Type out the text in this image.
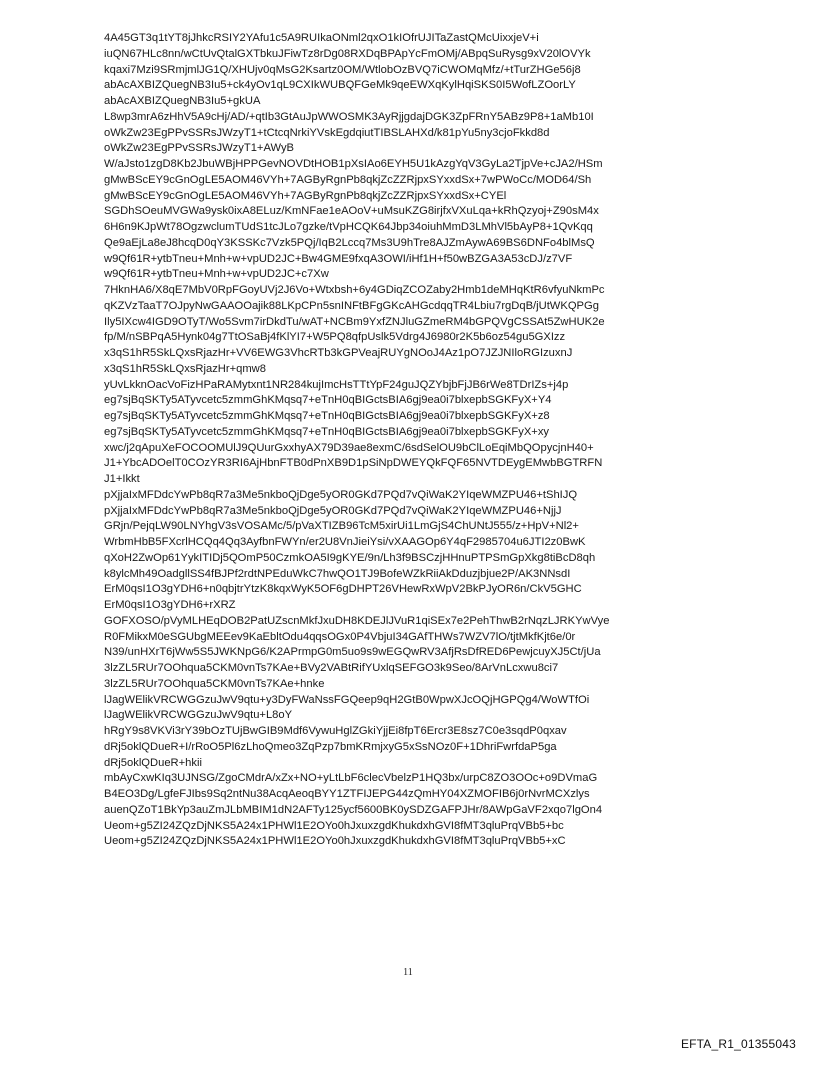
4A45GT3q1tYT8jJhkcRSIY2YAfu1c5A9RUIkaONml2qxO1kIOfrUJITaZastQMcUixxjeV+i
iuQN67HLc8nn/wCtUvQtalGXTbkuJFiwTz8rDg08RXDqBPApYcFmOMj/ABpqSuRysg9xV20lOVYk
kqaxi7Mzi9SRmjmlJG1Q/XHUjv0qMsG2Ksartz0OM/WtlobOzBVQ7iCWOMqMfz/+tTurZHGe56j8
abAcAXBIZQuegNB3Iu5+ck4yOv1qL9CXIkWUBQFGeMk9qeEWXqKylHqiSKS0I5WofLZOorLY
abAcAXBIZQuegNB3Iu5+gkUA
L8wp3mrA6zHhV5A9cHj/AD/+qtIb3GtAuJpWWOSMK3AyRjjgdajDGK3ZpFRnY5ABz9P8+1aMb10I
oWkZw23EgPPvSSRsJWzyT1+tCtcqNrkiYVskEgdqiutTIBSLAHXd/k81pYu5ny3cjoFkkd8d
oWkZw23EgPPvSSRsJWzyT1+AWyB
W/aJsto1zgD8Kb2JbuWBjHPPGevNOVDtHOB1pXsIAo6EYH5U1kAzgYqV3GyLa2TjpVe+cJA2/HSm
gMwBScEY9cGnOgLE5AOM46VYh+7AGByRgnPb8qkjZcZZRjpxSYxxdSx+7wPWoCc/MOD64/Sh
gMwBScEY9cGnOgLE5AOM46VYh+7AGByRgnPb8qkjZcZZRjpxSYxxdSx+CYEl
SGDhSOeuMVGWa9ysk0ixA8ELuz/KmNFae1eAOoV+uMsuKZG8irjfxVXuLqa+kRhQzyoj+Z90sM4x
6H6n9KJpWt78OgzwclumTUdS1tcJLo7gzke/tVpHCQK64Jbp34oiuhMmD3LMhVl5bAyP8+1QvKqq
Qe9aEjLa8eJ8hcqD0qY3KSSKc7Vzk5PQj/IqB2Lccq7Ms3U9hTre8AJZmAywA69BS6DNFo4blMsQ
w9Qf61R+ytbTneu+Mnh+w+vpUD2JC+Bw4GME9fxqA3OWI/iHf1H+f50wBZGA3A53cDJ/z7VF
w9Qf61R+ytbTneu+Mnh+w+vpUD2JC+c7Xw
7HknHA6/X8qE7MbV0RpFGoyUVj2J6Vo+Wtxbsh+6y4GDiqZCOZaby2Hmb1deMHqKtR6vfyuNkmPc
qKZVzTaaT7OJpyNwGAAOOajik88LKpCPn5snINFtBFgGKcAHGcdqqTR4Lbiu7rgDqB/jUtWKQPGg
Ily5IXcw4IGD9OTyT/Wo5Svm7irDkdTu/wAT+NCBm9YxfZNJluGZmeRM4bGPQVgCSSAt5ZwHUK2e
fp/M/nSBPqA5Hynk04g7TtOSaBj4fKlYI7+W5PQ8qfpUslk5Vdrg4J6980r2K5b6oz54gu5GXIzz
x3qS1hR5SkLQxsRjazHr+VV6EWG3VhcRTb3kGPVeajRUYgNOoJ4Az1pO7JZJNIloRGIzuxnJ
x3qS1hR5SkLQxsRjazHr+qmw8
yUvLkknOacVoFizHPaRAMytxnt1NR284kujImcHsTTtYpF24guJQZYbjbFjJB6rWe8TDrIZs+j4p
eg7sjBqSKTy5ATyvcetc5zmmGhKMqsq7+eTnH0qBIGctsBIA6gj9ea0i7blxepbSGKFyX+Y4
eg7sjBqSKTy5ATyvcetc5zmmGhKMqsq7+eTnH0qBIGctsBIA6gj9ea0i7blxepbSGKFyX+z8
eg7sjBqSKTy5ATyvcetc5zmmGhKMqsq7+eTnH0qBIGctsBIA6gj9ea0i7blxepbSGKFyX+xy
xwc/j2qApuXeFOCOOMUlJ9QUurGxxhyAX79D39ae8exmC/6sdSelOU9bClLoEqiMbQOpycjnH40+
J1+YbcADOelT0COzYR3RI6AjHbnFTB0dPnXB9D1pSiNpDWEYQkFQF65NVTDEygEMwbBGTRFN
J1+Ikkt
pXjjaIxMFDdcYwPb8qR7a3Me5nkboQjDge5yOR0GKd7PQd7vQiWaK2YIqeWMZPU46+tShIJQ
pXjjaIxMFDdcYwPb8qR7a3Me5nkboQjDge5yOR0GKd7PQd7vQiWaK2YIqeWMZPU46+NjjJ
GRjn/PejqLW90LNYhgV3sVOSAMc/5/pVaXTIZB96TcM5xirUi1LmGjS4ChUNtJ555/z+HpV+Nl2+
WrbmHbB5FXcrlHCQq4Qq3AyfbnFWYn/er2U8VnJieiYsi/vXAAGOp6Y4qF2985704u6JTI2z0BwK
qXoH2ZwOp61YykITIDj5QOmP50CzmkOA5I9gKYE/9n/Lh3f9BSCzjHHnuPTPSmGpXkg8tiBcD8qh
k8ylcMh49OadgllSS4fBJPf2rdtNPEduWkC7hwQO1TJ9BofeWZkRiiAkDduzjbjue2P/AK3NNsdI
ErM0qsI1O3gYDH6+n0qbjtrYtzK8kqxWyK5OF6gDHPT26VHewRxWpV2BkPJyOR6n/CkV5GHC
ErM0qsI1O3gYDH6+rXRZ
GOFXOSO/pVyMLHEqDOB2PatUZscnMkfJxuDH8KDEJlJVuR1qiSEx7e2PehThwB2rNqzLJRKYwVye
R0FMikxM0eSGUbgMEEev9KaEbltOdu4qqsOGx0P4VbjuI34GAfTHWs7WZV7lO/tjtMkfKjt6e/0r
N39/unHXrT6jWw5S5JWKNpG6/K2APrmpG0m5uo9s9wEGQwRV3AfjRsDfRED6PewjcuyXJ5Ct/jUa
3lzZL5RUr7OOhqua5CKM0vnTs7KAe+BVy2VABtRifYUxlqSEFGO3k9Seo/8ArVnLcxwu8ci7
3lzZL5RUr7OOhqua5CKM0vnTs7KAe+hnke
lJagWElikVRCWGGzuJwV9qtu+y3DyFWaNssFGQeep9qH2GtB0WpwXJcOQjHGPQg4/WoWTfOi
lJagWElikVRCWGGzuJwV9qtu+L8oY
hRgY9s8VKVi3rY39bOzTUjBwGIB9Mdf6VywuHglZGkiYjjEi8fpT6Ercr3E8sz7C0e3sqdP0qxav
dRj5oklQDueR+I/rRoO5Pl6zLhoQmeo3ZqPzp7bmKRmjxyG5xSsNOz0F+1DhriFwrfdaP5ga
dRj5oklQDueR+hkii
mbAyCxwKIq3UJNSG/ZgoCMdrA/xZx+NO+yLtLbF6clecVbelzP1HQ3bx/urpC8ZO3OOc+o9DVmaG
B4EO3Dg/LgfeFJIbs9Sq2ntNu38AcqAeoqBYY1ZTFIJEPG44zQmHY04XZMOFIB6j0rNvrMCXzlys
auenQZoT1BkYp3auZmJLbMBIM1dN2AFTy125ycf5600BK0ySDZGAFPJHr/8AWpGaVF2xqo7lgOn4
Ueom+g5ZI24ZQzDjNKS5A24x1PHWl1E2OYo0hJxuxzgdKhukdxhGVI8fMT3qluPrqVBb5+bc
Ueom+g5ZI24ZQzDjNKS5A24x1PHWl1E2OYo0hJxuxzgdKhukdxhGVI8fMT3qluPrqVBb5+xC
11
EFTA_R1_01355043
